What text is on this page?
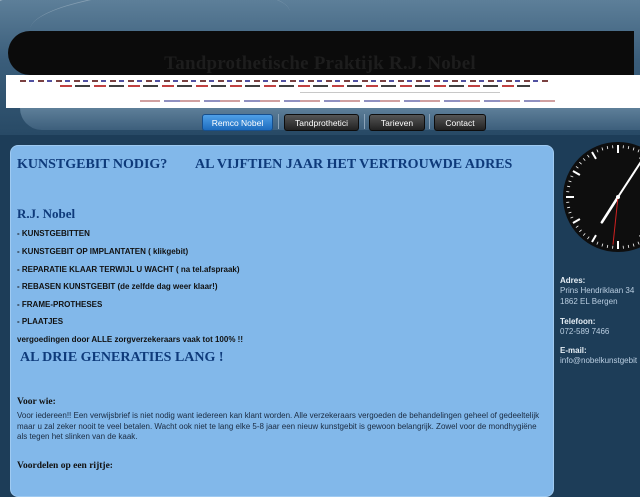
Tandprothetische Praktijk R.J. Nobel
Remco Nobel	Tandprothetici	Tarieven	Contact
KUNSTGEBIT NODIG? AL VIJFTIEN JAAR HET VERTROUWDE ADRES
R.J. Nobel
- KUNSTGEBITTEN
- KUNSTGEBIT OP IMPLANTATEN ( klikgebit)
- REPARATIE KLAAR TERWIJL U WACHT ( na tel.afspraak)
- REBASEN KUNSTGEBIT (de zelfde dag weer klaar!)
- FRAME-PROTHESES
- PLAATJES
vergoedingen door ALLE zorgverzekeraars vaak tot 100% !!
AL DRIE GENERATIES LANG !
Voor wie:
Voor iedereen!! Een verwijsbrief is niet nodig want iedereen kan klant worden. Alle verzekeraars vergoeden de behandelingen geheel of gedeeltelijk maar u zal zeker nooit te veel betalen. Wacht ook niet te lang elke 5-8 jaar een nieuw kunstgebit is gewoon belangrijk. Zowel voor de mondhygiëne als tegen het slinken van de kaak.
Voordelen op een rijtje:
Adres:
Prins Hendriklaan 34
1862 EL Bergen
Telefoon:
072-589 7466
E-mail:
info@nobelkunstgebit
